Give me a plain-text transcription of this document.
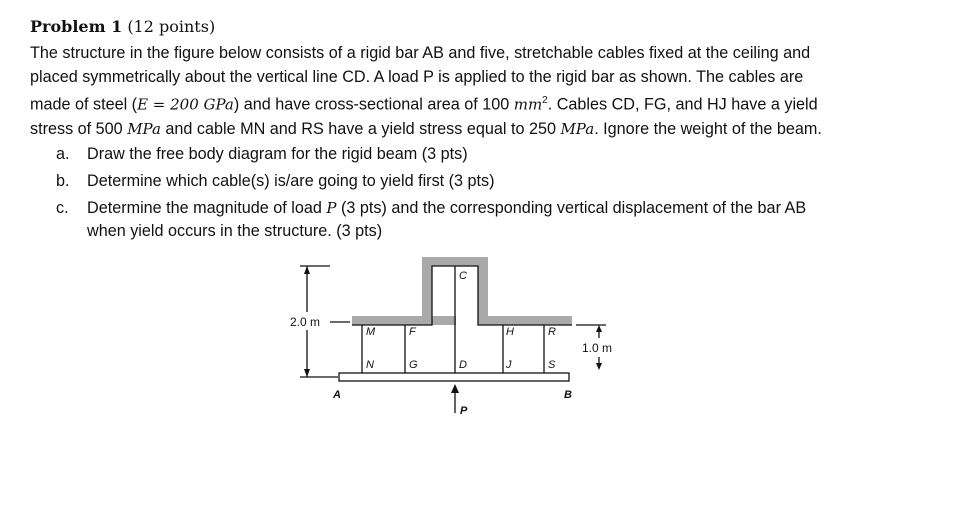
Problem 1 (12 points)

The structure in the figure below consists of a rigid bar AB and five, stretchable cables fixed at the ceiling and

placed symmetrically about the vertical line CD. A load P is applied to the rigid bar as shown. The cables are

made of steel (E = 200 GPa) and have cross-sectional area of 100 $mm^2$. Cables CD, FG, and HJ have a yield

stress of 500 MPa and cable MN and RS have a yield stress equal to 250 MPa. Ignore the weight of the beam.

a.	Draw the free body diagram for the rigid beam (3 pts)
b.	Determine which cable(s) is/are going to yield first (3 pts)
c.	Determine the magnitude of load P (3 pts) and the corresponding vertical displacement of the bar AB
when yield occurs in the structure. (3 pts)
C
M	F	H	R
N	G	D	J	S
A	B
P
2.0 m
1.0 m
